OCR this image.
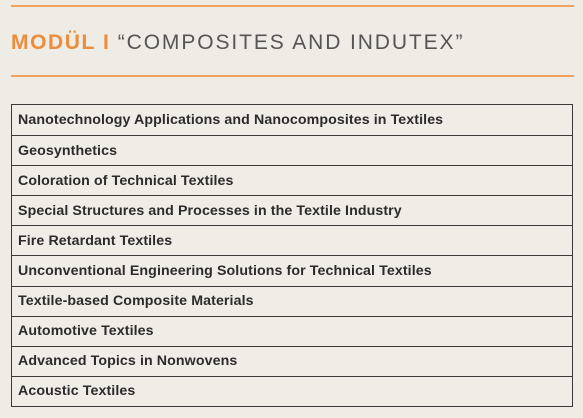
MODÜL I “COMPOSITES AND INDUTEX”
Nanotechnology Applications and Nanocomposites in Textiles
Geosynthetics
Coloration of Technical Textiles
Special Structures and Processes in the Textile Industry
Fire Retardant Textiles
Unconventional Engineering Solutions for Technical Textiles
Textile-based Composite Materials
Automotive Textiles
Advanced Topics in Nonwovens
Acoustic Textiles
